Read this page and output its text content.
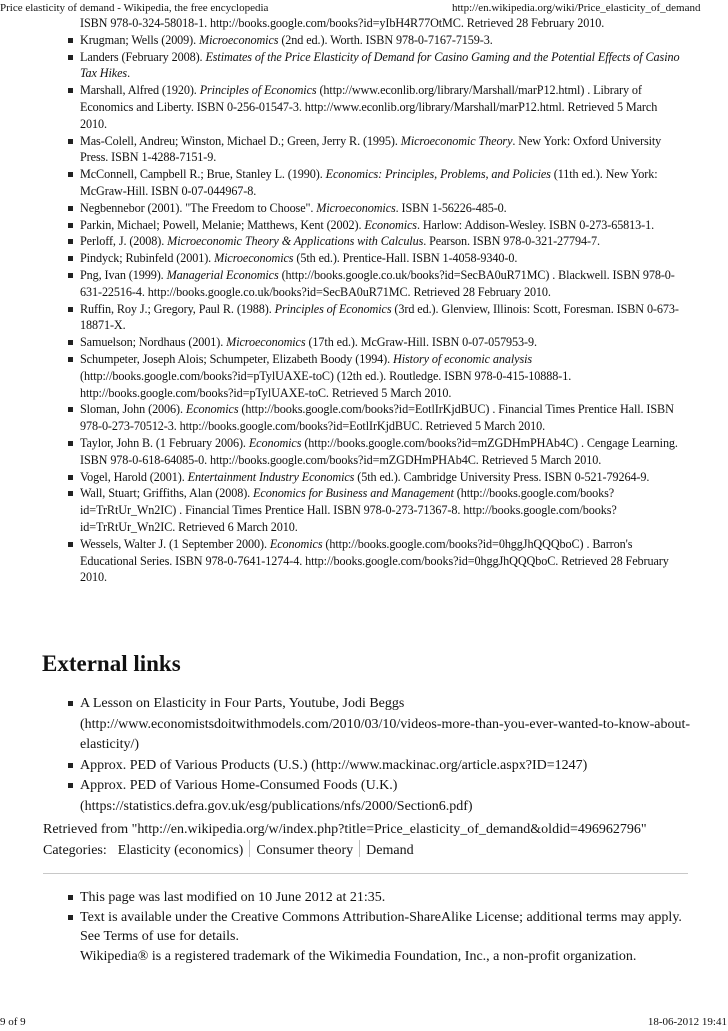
Price elasticity of demand - Wikipedia, the free encyclopedia	http://en.wikipedia.org/wiki/Price_elasticity_of_demand
ISBN 978-0-324-58018-1. http://books.google.com/books?id=yIbH4R77OtMC. Retrieved 28 February 2010.
Krugman; Wells (2009). Microeconomics (2nd ed.). Worth. ISBN 978-0-7167-7159-3.
Landers (February 2008). Estimates of the Price Elasticity of Demand for Casino Gaming and the Potential Effects of Casino Tax Hikes.
Marshall, Alfred (1920). Principles of Economics (http://www.econlib.org/library/Marshall/marP12.html) . Library of Economics and Liberty. ISBN 0-256-01547-3. http://www.econlib.org/library/Marshall/marP12.html. Retrieved 5 March 2010.
Mas-Colell, Andreu; Winston, Michael D.; Green, Jerry R. (1995). Microeconomic Theory. New York: Oxford University Press. ISBN 1-4288-7151-9.
McConnell, Campbell R.; Brue, Stanley L. (1990). Economics: Principles, Problems, and Policies (11th ed.). New York: McGraw-Hill. ISBN 0-07-044967-8.
Negbennebor (2001). "The Freedom to Choose". Microeconomics. ISBN 1-56226-485-0.
Parkin, Michael; Powell, Melanie; Matthews, Kent (2002). Economics. Harlow: Addison-Wesley. ISBN 0-273-65813-1.
Perloff, J. (2008). Microeconomic Theory & Applications with Calculus. Pearson. ISBN 978-0-321-27794-7.
Pindyck; Rubinfeld (2001). Microeconomics (5th ed.). Prentice-Hall. ISBN 1-4058-9340-0.
Png, Ivan (1999). Managerial Economics (http://books.google.co.uk/books?id=SecBA0uR71MC) . Blackwell. ISBN 978-0-631-22516-4. http://books.google.co.uk/books?id=SecBA0uR71MC. Retrieved 28 February 2010.
Ruffin, Roy J.; Gregory, Paul R. (1988). Principles of Economics (3rd ed.). Glenview, Illinois: Scott, Foresman. ISBN 0-673-18871-X.
Samuelson; Nordhaus (2001). Microeconomics (17th ed.). McGraw-Hill. ISBN 0-07-057953-9.
Schumpeter, Joseph Alois; Schumpeter, Elizabeth Boody (1994). History of economic analysis (http://books.google.com/books?id=pTylUAXE-toC) (12th ed.). Routledge. ISBN 978-0-415-10888-1. http://books.google.com/books?id=pTylUAXE-toC. Retrieved 5 March 2010.
Sloman, John (2006). Economics (http://books.google.com/books?id=EotlIrKjdBUC) . Financial Times Prentice Hall. ISBN 978-0-273-70512-3. http://books.google.com/books?id=EotlIrKjdBUC. Retrieved 5 March 2010.
Taylor, John B. (1 February 2006). Economics (http://books.google.com/books?id=mZGDHmPHAb4C) . Cengage Learning. ISBN 978-0-618-64085-0. http://books.google.com/books?id=mZGDHmPHAb4C. Retrieved 5 March 2010.
Vogel, Harold (2001). Entertainment Industry Economics (5th ed.). Cambridge University Press. ISBN 0-521-79264-9.
Wall, Stuart; Griffiths, Alan (2008). Economics for Business and Management (http://books.google.com/books?id=TrRtUr_Wn2IC) . Financial Times Prentice Hall. ISBN 978-0-273-71367-8. http://books.google.com/books?id=TrRtUr_Wn2IC. Retrieved 6 March 2010.
Wessels, Walter J. (1 September 2000). Economics (http://books.google.com/books?id=0hggJhQQQboC) . Barron's Educational Series. ISBN 978-0-7641-1274-4. http://books.google.com/books?id=0hggJhQQQboC. Retrieved 28 February 2010.
External links
A Lesson on Elasticity in Four Parts, Youtube, Jodi Beggs (http://www.economistsdoitwithmodels.com/2010/03/10/videos-more-than-you-ever-wanted-to-know-about-elasticity/)
Approx. PED of Various Products (U.S.) (http://www.mackinac.org/article.aspx?ID=1247)
Approx. PED of Various Home-Consumed Foods (U.K.) (https://statistics.defra.gov.uk/esg/publications/nfs/2000/Section6.pdf)
Retrieved from "http://en.wikipedia.org/w/index.php?title=Price_elasticity_of_demand&oldid=496962796"
Categories: Elasticity (economics) Consumer theory Demand
This page was last modified on 10 June 2012 at 21:35.
Text is available under the Creative Commons Attribution-ShareAlike License; additional terms may apply. See Terms of use for details.
Wikipedia® is a registered trademark of the Wikimedia Foundation, Inc., a non-profit organization.
9 of 9	18-06-2012 19:41
